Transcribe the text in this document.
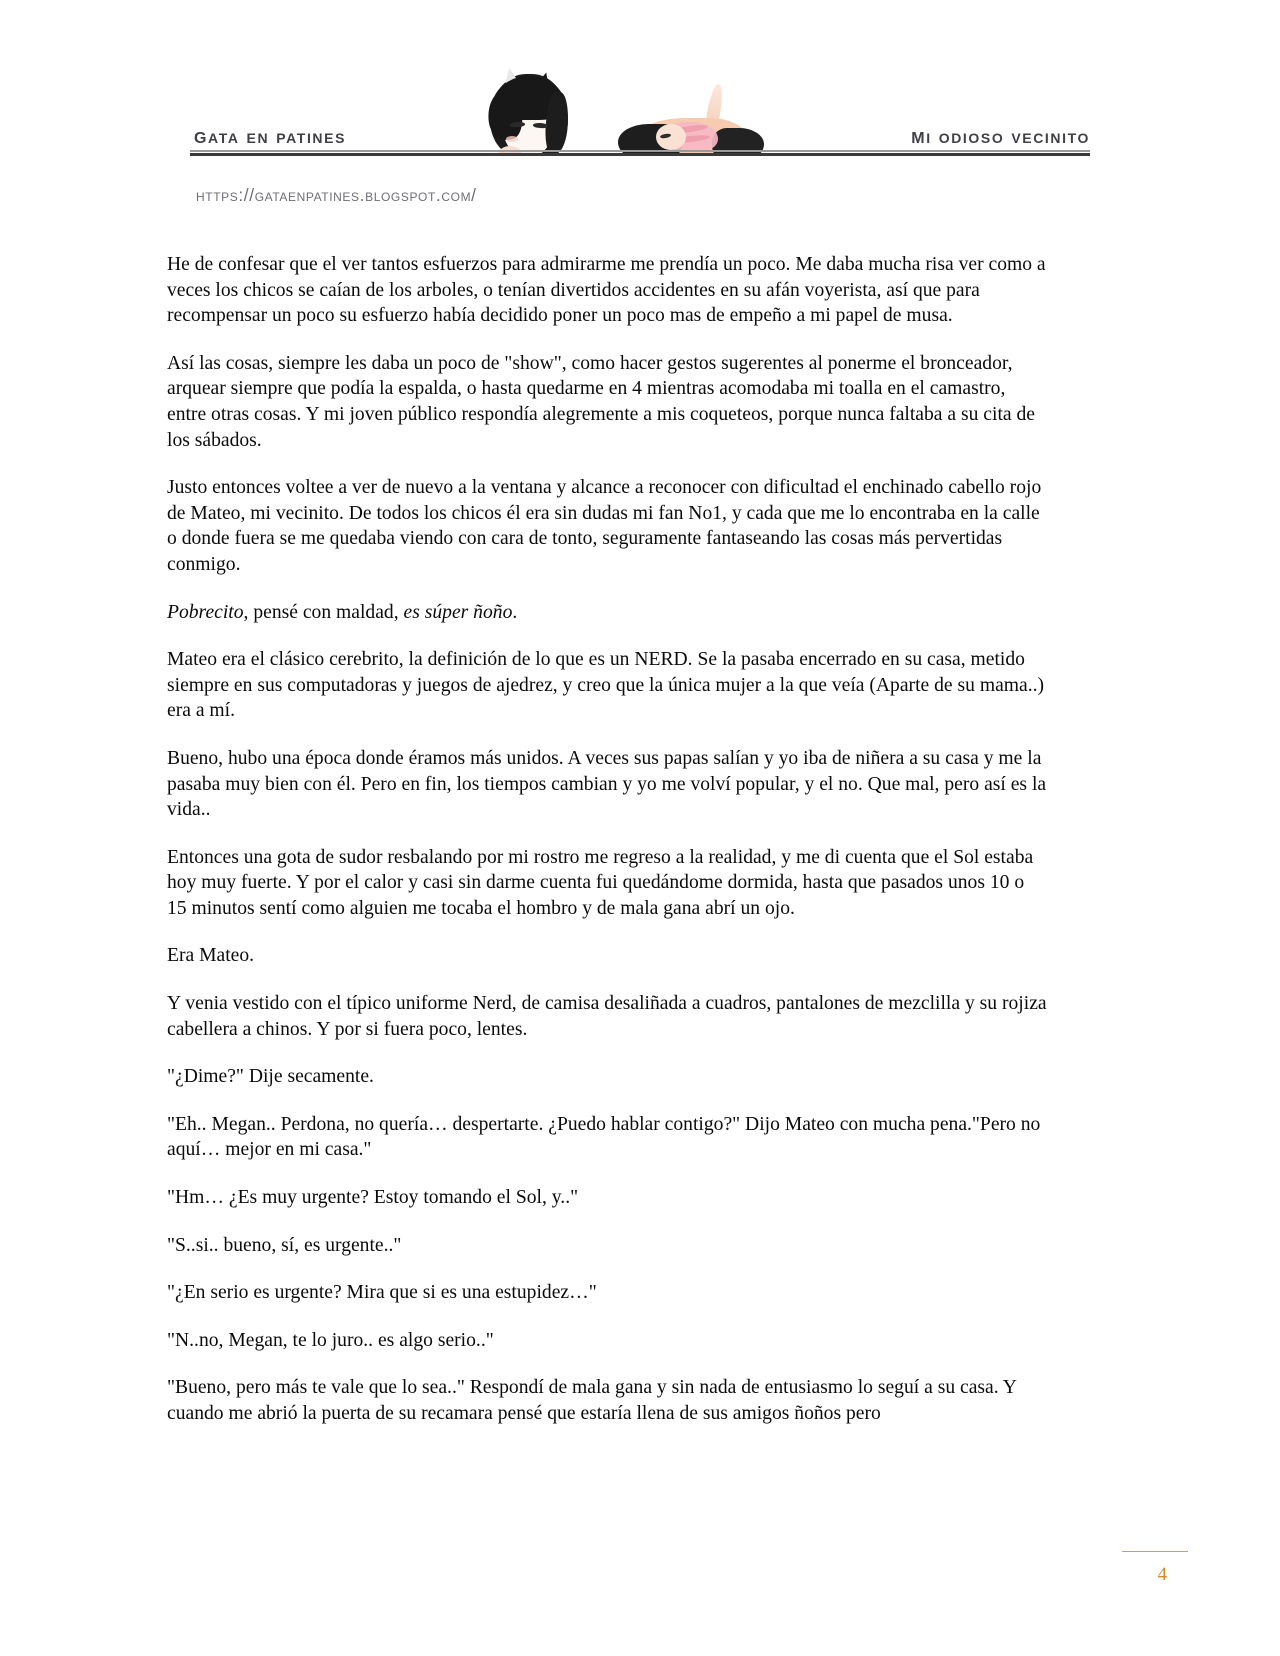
gata en patines	mi odioso vecinito
https://gataenpatines.blogspot.com/

He de confesar que el ver tantos esfuerzos para admirarme me prendía un poco. Me daba mucha risa ver como a veces los chicos se caían de los arboles, o tenían divertidos accidentes en su afán voyerista, así que para recompensar un poco su esfuerzo había decidido poner un poco mas de empeño a mi papel de musa.

Así las cosas, siempre les daba un poco de "show", como hacer gestos sugerentes al ponerme el bronceador, arquear siempre que podía la espalda, o hasta quedarme en 4 mientras acomodaba mi toalla en el camastro, entre otras cosas. Y mi joven público respondía alegremente a mis coqueteos, porque nunca faltaba a su cita de los sábados.

Justo entonces voltee a ver de nuevo a la ventana y alcance a reconocer con dificultad el enchinado cabello rojo de Mateo, mi vecinito. De todos los chicos él era sin dudas mi fan No1, y cada que me lo encontraba en la calle o donde fuera se me quedaba viendo con cara de tonto, seguramente fantaseando las cosas más pervertidas conmigo.

Pobrecito, pensé con maldad, es súper ñoño.

Mateo era el clásico cerebrito, la definición de lo que es un NERD. Se la pasaba encerrado en su casa, metido siempre en sus computadoras y juegos de ajedrez, y creo que la única mujer a la que veía (Aparte de su mama..) era a mí.

Bueno, hubo una época donde éramos más unidos. A veces sus papas salían y yo iba de niñera a su casa y me la pasaba muy bien con él. Pero en fin, los tiempos cambian y yo me volví popular, y el no. Que mal, pero así es la vida..

Entonces una gota de sudor resbalando por mi rostro me regreso a la realidad, y me di cuenta que el Sol estaba hoy muy fuerte. Y por el calor y casi sin darme cuenta fui quedándome dormida, hasta que pasados unos 10 o 15 minutos sentí como alguien me tocaba el hombro y de mala gana abrí un ojo.

Era Mateo.

Y venia vestido con el típico uniforme Nerd, de camisa desaliñada a cuadros, pantalones de mezclilla y su rojiza cabellera a chinos. Y por si fuera poco, lentes.

"¿Dime?" Dije secamente.

"Eh.. Megan.. Perdona, no quería… despertarte. ¿Puedo hablar contigo?" Dijo Mateo con mucha pena."Pero no aquí… mejor en mi casa."

"Hm… ¿Es muy urgente? Estoy tomando el Sol, y.."

"S..si.. bueno, sí, es urgente.."

"¿En serio es urgente? Mira que si es una estupidez…"

"N..no, Megan, te lo juro.. es algo serio.."

"Bueno, pero más te vale que lo sea.." Respondí de mala gana y sin nada de entusiasmo lo seguí a su casa. Y cuando me abrió la puerta de su recamara pensé que estaría llena de sus amigos ñoños pero

4
